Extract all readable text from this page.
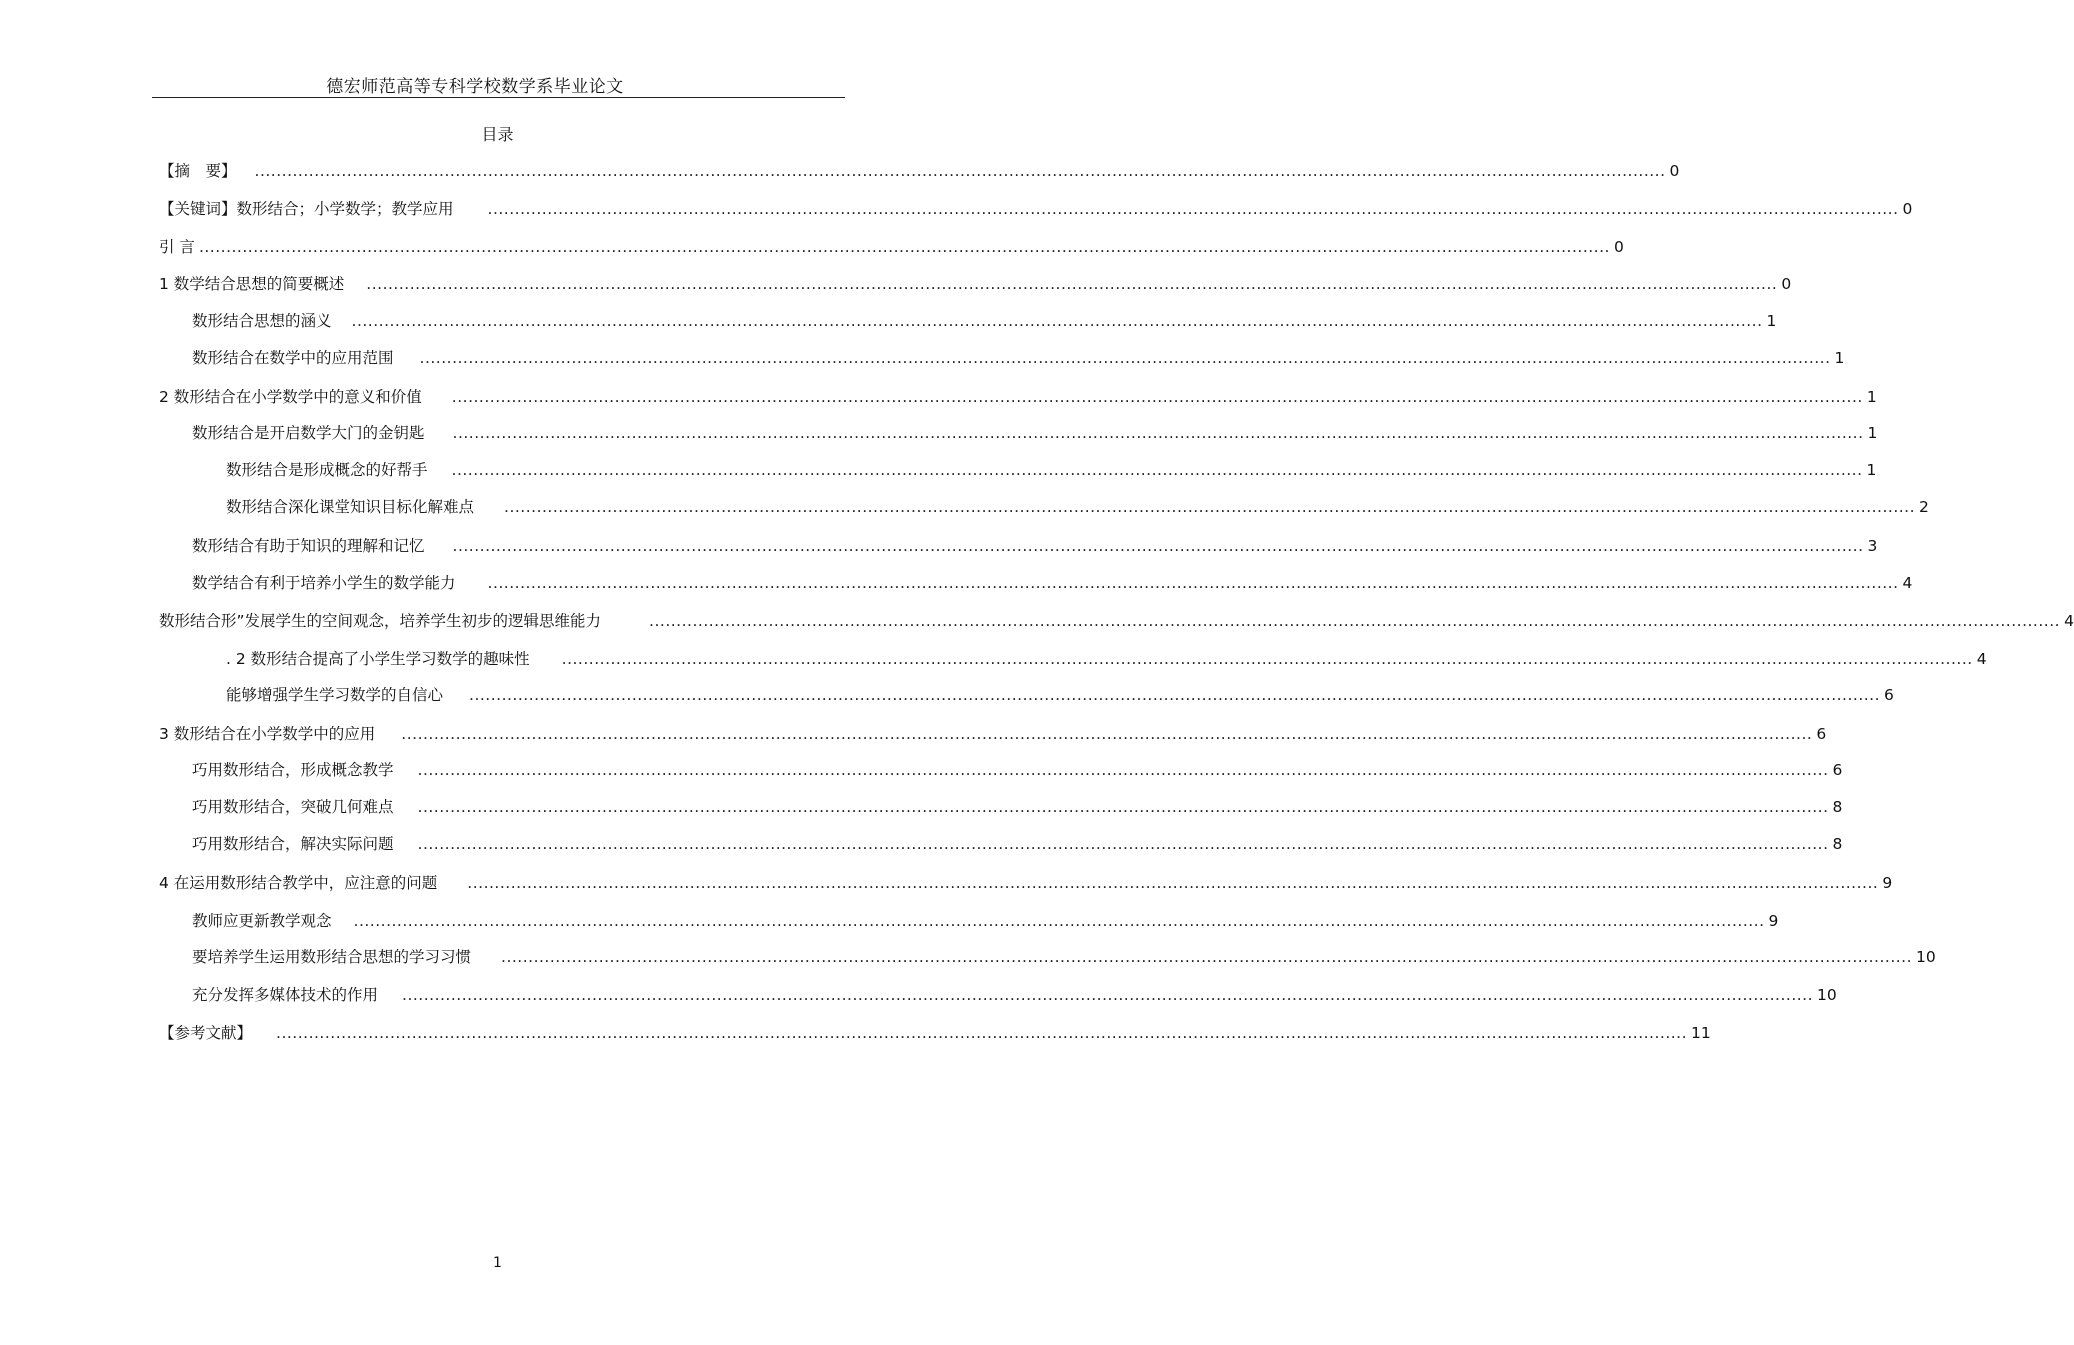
德宏师范高等专科学校数学系毕业论文
目录
【摘　要】 .................................................................................................................................................................................................................................................................... 0
【关键词】数形结合；小学数学；教学应用 .................................................................................................................................................................................................................................................................... 0
引 言 .................................................................................................................................................................................................................................................................... 0
1 数学结合思想的简要概述 .................................................................................................................................................................................................................................................................... 0
数形结合思想的涵义 .................................................................................................................................................................................................................................................................... 1
数形结合在数学中的应用范围 .................................................................................................................................................................................................................................................................... 1
2 数形结合在小学数学中的意义和价值 .................................................................................................................................................................................................................................................................... 1
数形结合是开启数学大门的金钥匙 .................................................................................................................................................................................................................................................................... 1
数形结合是形成概念的好帮手 .................................................................................................................................................................................................................................................................... 1
数形结合深化课堂知识目标化解难点 .................................................................................................................................................................................................................................................................... 2
数形结合有助于知识的理解和记忆 .................................................................................................................................................................................................................................................................... 3
数学结合有利于培养小学生的数学能力 .................................................................................................................................................................................................................................................................... 4
数形结合形”发展学生的空间观念，培养学生初步的逻辑思维能力	.................................................................................................................................................................................................................................................................... 4
. 2 数形结合提高了小学生学习数学的趣味性 .................................................................................................................................................................................................................................................................... 4
能够增强学生学习数学的自信心 .................................................................................................................................................................................................................................................................... 6
3 数形结合在小学数学中的应用 .................................................................................................................................................................................................................................................................... 6
巧用数形结合，形成概念教学 .................................................................................................................................................................................................................................................................... 6
巧用数形结合，突破几何难点 .................................................................................................................................................................................................................................................................... 8
巧用数形结合，解决实际问题 .................................................................................................................................................................................................................................................................... 8
4 在运用数形结合教学中，应注意的问题 .................................................................................................................................................................................................................................................................... 9
教师应更新教学观念 .................................................................................................................................................................................................................................................................... 9
要培养学生运用数形结合思想的学习习惯 .................................................................................................................................................................................................................................................................... 10
充分发挥多媒体技术的作用 .................................................................................................................................................................................................................................................................... 10
【参考文献】 .................................................................................................................................................................................................................................................................... 11
1
